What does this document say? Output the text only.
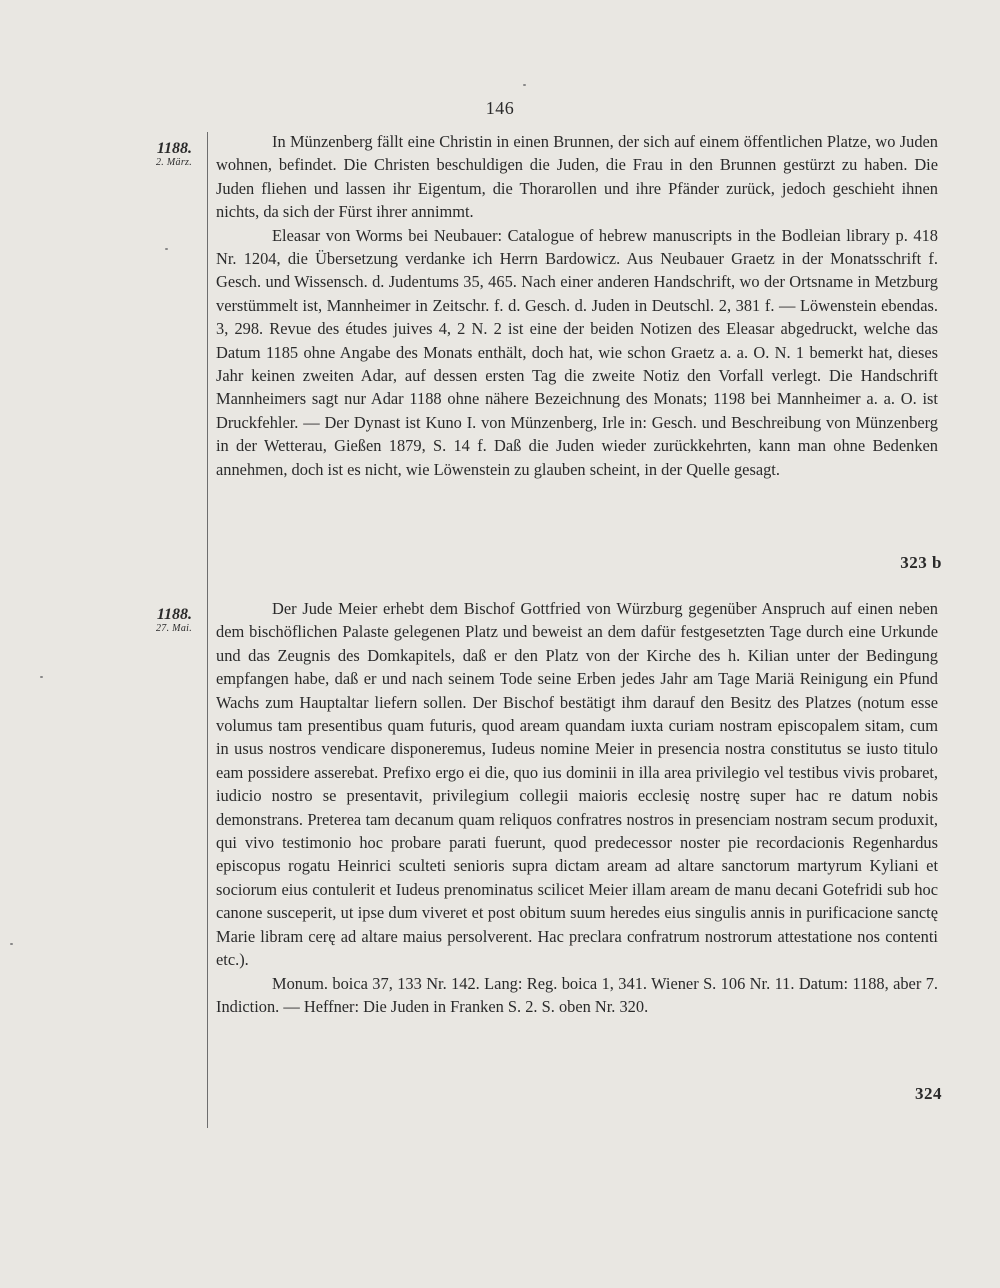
146
1188.
2. März.

In Münzenberg fällt eine Christin in einen Brunnen, der sich auf einem öffentlichen Platze, wo Juden wohnen, befindet. Die Christen beschuldigen die Juden, die Frau in den Brunnen gestürzt zu haben. Die Juden fliehen und lassen ihr Eigentum, die Thorarollen und ihre Pfänder zurück, jedoch geschieht ihnen nichts, da sich der Fürst ihrer annimmt.

Eleasar von Worms bei Neubauer: Catalogue of hebrew manuscripts in the Bodleian library p. 418 Nr. 1204, die Übersetzung verdanke ich Herrn Bardowicz. Aus Neubauer Graetz in der Monatsschrift f. Gesch. und Wissensch. d. Judentums 35, 465. Nach einer anderen Handschrift, wo der Ortsname in Metzburg verstümmelt ist, Mannheimer in Zeitschr. f. d. Gesch. d. Juden in Deutschl. 2, 381 f. — Löwenstein ebendas. 3, 298. Revue des études juives 4, 2 N. 2 ist eine der beiden Notizen des Eleasar abgedruckt, welche das Datum 1185 ohne Angabe des Monats enthält, doch hat, wie schon Graetz a. a. O. N. 1 bemerkt hat, dieses Jahr keinen zweiten Adar, auf dessen ersten Tag die zweite Notiz den Vorfall verlegt. Die Handschrift Mannheimers sagt nur Adar 1188 ohne nähere Bezeichnung des Monats; 1198 bei Mannheimer a. a. O. ist Druckfehler. — Der Dynast ist Kuno I. von Münzenberg, Irle in: Gesch. und Beschreibung von Münzenberg in der Wetterau, Gießen 1879, S. 14 f. Daß die Juden wieder zurückkehrten, kann man ohne Bedenken annehmen, doch ist es nicht, wie Löwenstein zu glauben scheint, in der Quelle gesagt.

323 b
1188.
27. Mai.

Der Jude Meier erhebt dem Bischof Gottfried von Würzburg gegenüber Anspruch auf einen neben dem bischöflichen Palaste gelegenen Platz und beweist an dem dafür festgesetzten Tage durch eine Urkunde und das Zeugnis des Domkapitels, daß er den Platz von der Kirche des h. Kilian unter der Bedingung empfangen habe, daß er und nach seinem Tode seine Erben jedes Jahr am Tage Mariä Reinigung ein Pfund Wachs zum Hauptaltar liefern sollen. Der Bischof bestätigt ihm darauf den Besitz des Platzes (notum esse volumus tam presentibus quam futuris, quod aream quandam iuxta curiam nostram episcopalem sitam, cum in usus nostros vendicare disponeremus, Iudeus nomine Meier in presencia nostra constitutus se iusto titulo eam possidere asserebat. Prefixo ergo ei die, quo ius dominii in illa area privilegio vel testibus vivis probaret, iudicio nostro se presentavit, privilegium collegii maioris ecclesię nostrę super hac re datum nobis demonstrans. Preterea tam decanum quam reliquos confratres nostros in presenciam nostram secum produxit, qui vivo testimonio hoc probare parati fuerunt, quod predecessor noster pie recordacionis Regenhardus episcopus rogatu Heinrici sculteti senioris supra dictam aream ad altare sanctorum martyrum Kyliani et sociorum eius contulerit et Iudeus prenominatus scilicet Meier illam aream de manu decani Gotefridi sub hoc canone susceperit, ut ipse dum viveret et post obitum suum heredes eius singulis annis in purificacione sanctę Marie libram cerę ad altare maius persolverent. Hac preclara confratrum nostrorum attestatione nos contenti etc.).

Monum. boica 37, 133 Nr. 142. Lang: Reg. boica 1, 341. Wiener S. 106 Nr. 11. Datum: 1188, aber 7. Indiction. — Heffner: Die Juden in Franken S. 2. S. oben Nr. 320.

324
